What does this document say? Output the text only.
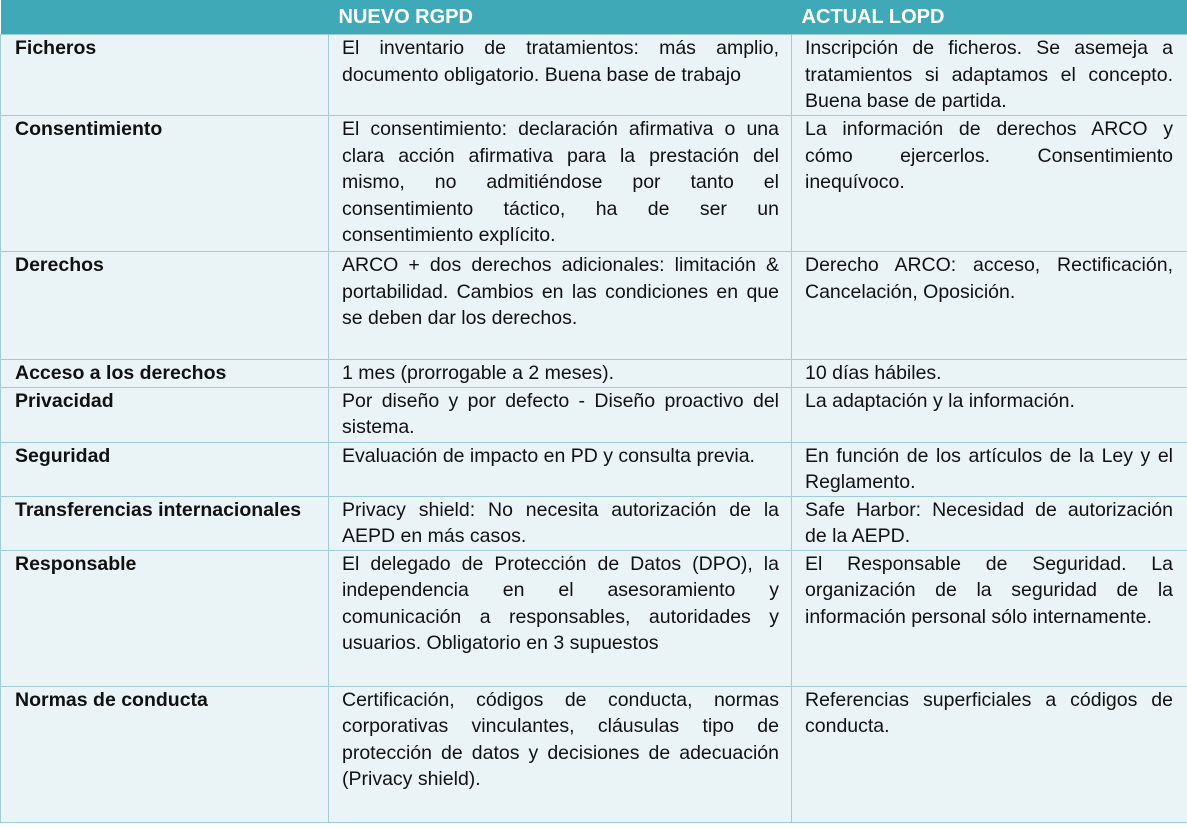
	NUEVO RGPD	ACTUAL LOPD
Ficheros	El inventario de tratamientos: más amplio, documento obligatorio. Buena base de trabajo	Inscripción de ficheros. Se asemeja a tratamientos si adaptamos el concepto. Buena base de partida.
Consentimiento	El consentimiento: declaración afirmativa o una clara acción afirmativa para la prestación del mismo, no admitiéndose por tanto el consentimiento táctico, ha de ser un consentimiento explícito.	La información de derechos ARCO y cómo ejercerlos. Consentimiento inequívoco.
Derechos	ARCO + dos derechos adicionales: limitación & portabilidad. Cambios en las condiciones en que se deben dar los derechos.	Derecho ARCO: acceso, Rectificación, Cancelación, Oposición.
Acceso a los derechos	1 mes (prorrogable a 2 meses).	10 días hábiles.
Privacidad	Por diseño y por defecto - Diseño proactivo del sistema.	La adaptación y la información.
Seguridad	Evaluación de impacto en PD y consulta previa.	En función de los artículos de la Ley y el Reglamento.
Transferencias internacionales	Privacy shield: No necesita autorización de la AEPD en más casos.	Safe Harbor: Necesidad de autorización de la AEPD.
Responsable	El delegado de Protección de Datos (DPO), la independencia en el asesoramiento y comunicación a responsables, autoridades y usuarios. Obligatorio en 3 supuestos	El Responsable de Seguridad. La organización de la seguridad de la información personal sólo internamente.
Normas de conducta	Certificación, códigos de conducta, normas corporativas vinculantes, cláusulas tipo de protección de datos y decisiones de adecuación (Privacy shield).	Referencias superficiales a códigos de conducta.
